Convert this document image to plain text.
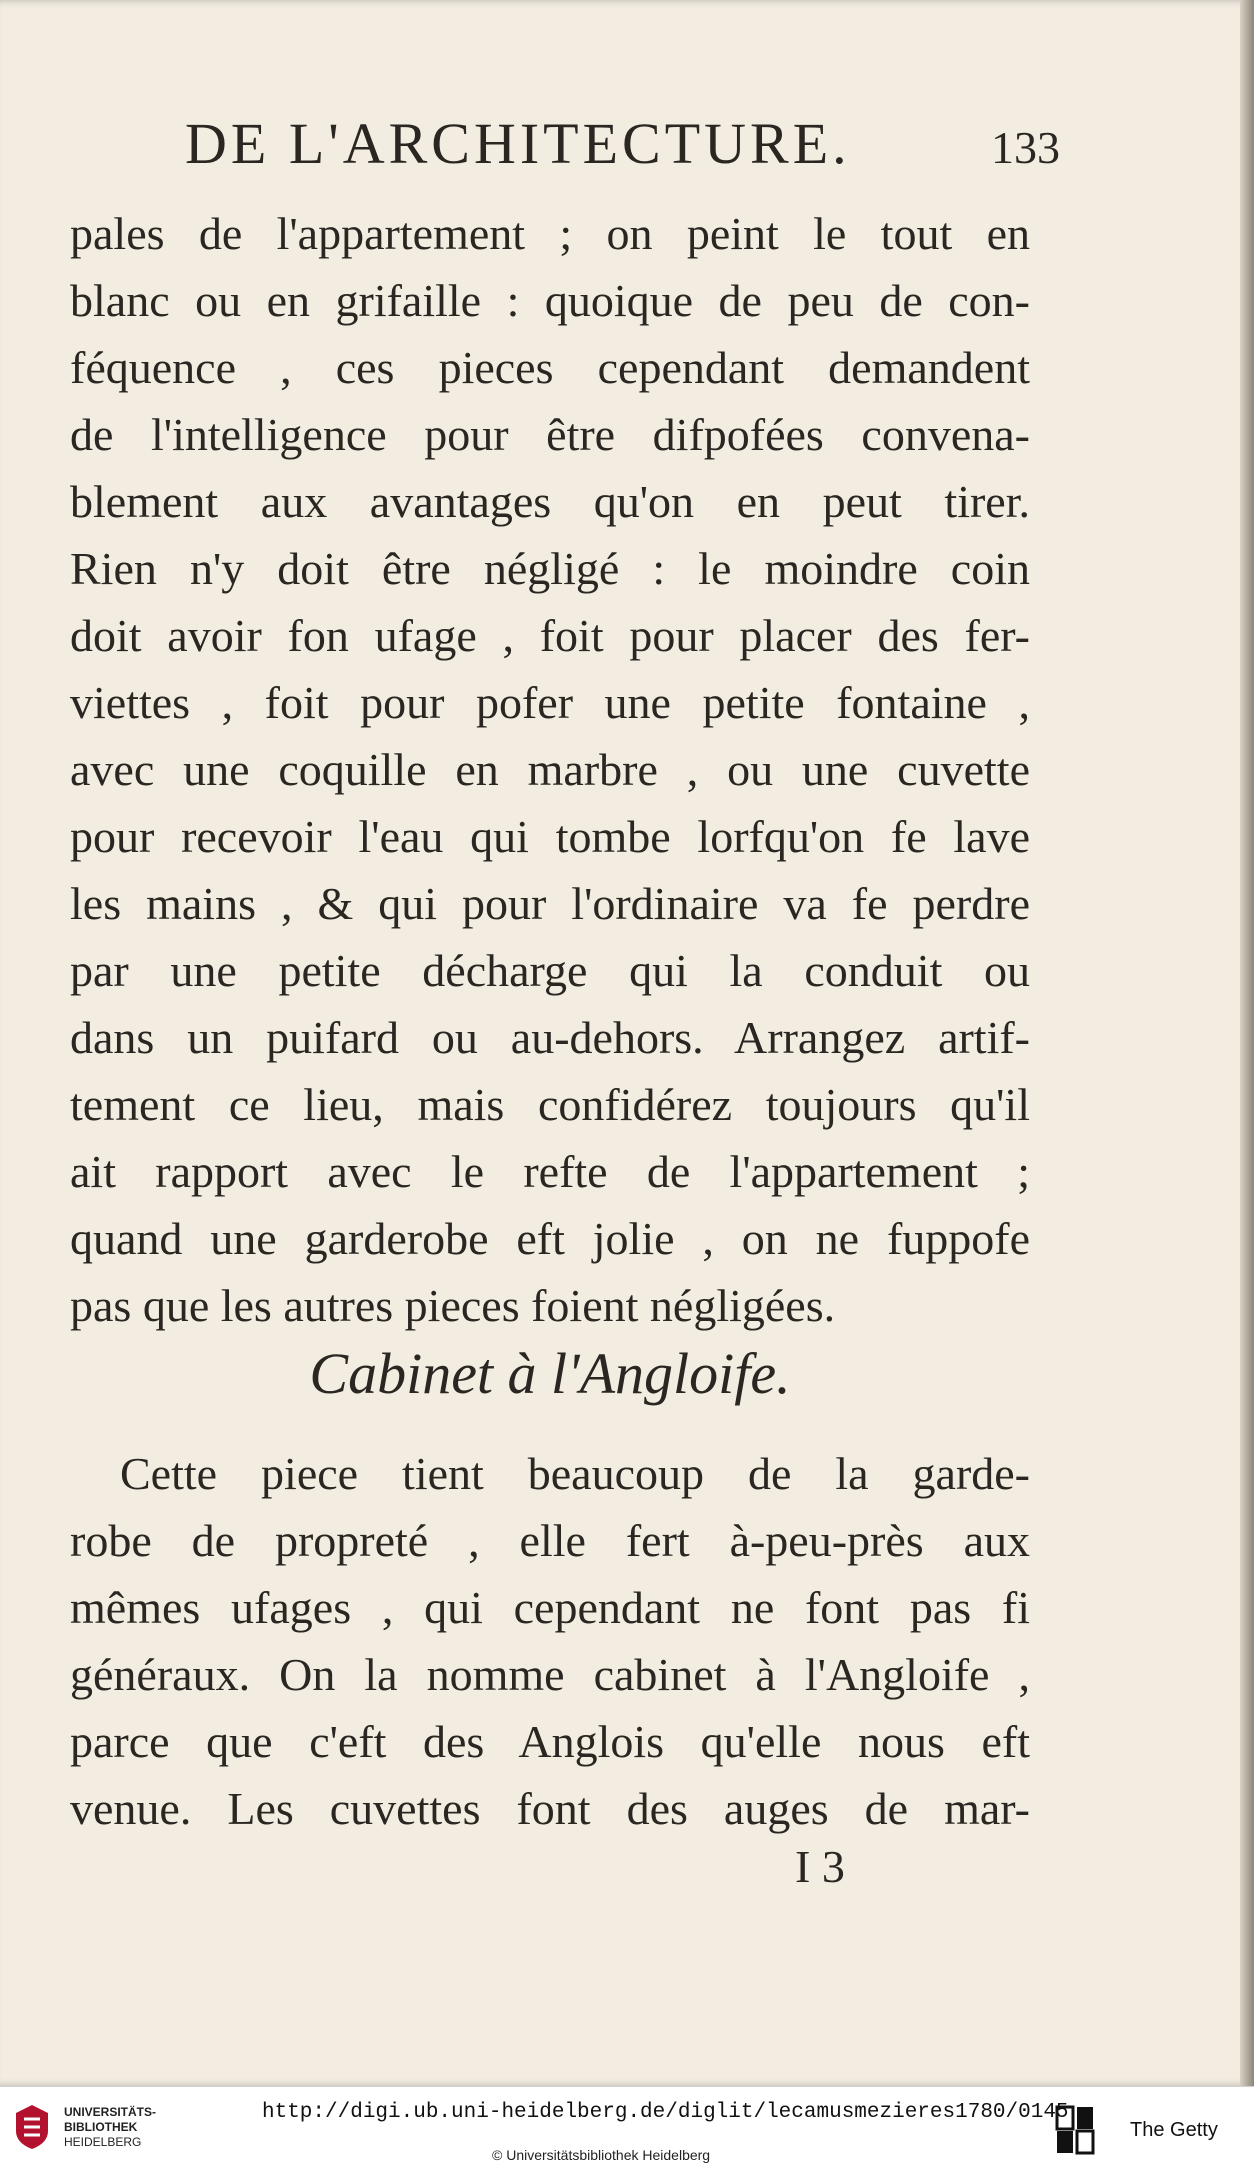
DE L'ARCHITECTURE.	133
pales de l'appartement ; on peint le tout en
blanc ou en grifaille : quoique de peu de con-
féquence , ces pieces cependant demandent
de l'intelligence pour être difpofées convena-
blement aux avantages qu'on en peut tirer.
Rien n'y doit être négligé : le moindre coin
doit avoir fon ufage , foit pour placer des fer-
viettes , foit pour pofer une petite fontaine ,
avec une coquille en marbre , ou une cuvette
pour recevoir l'eau qui tombe lorfqu'on fe lave
les mains , & qui pour l'ordinaire va fe perdre
par une petite décharge qui la conduit ou
dans un puifard ou au-dehors. Arrangez artif-
tement ce lieu, mais confidérez toujours qu'il
ait rapport avec le refte de l'appartement ;
quand une garderobe eft jolie , on ne fuppofe
pas que les autres pieces foient négligées.
Cabinet à l'Angloife.
Cette piece tient beaucoup de la garde-
robe de propreté , elle fert à-peu-près aux
mêmes ufages , qui cependant ne font pas fi
généraux. On la nomme cabinet à l'Angloife ,
parce que c'eft des Anglois qu'elle nous eft
venue. Les cuvettes font des auges de mar-
I 3
UNIVERSITÄTS-
BIBLIOTHEK
HEIDELBERG
http://digi.ub.uni-heidelberg.de/diglit/lecamusmezieres1780/0145
© Universitätsbibliothek Heidelberg
The Getty
